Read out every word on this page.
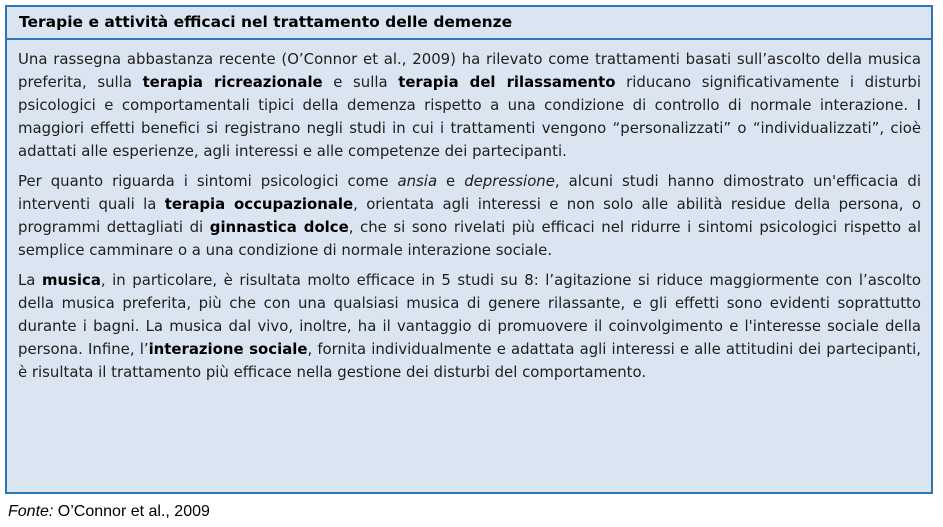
Terapie e attività efficaci nel trattamento delle demenze

Una rassegna abbastanza recente (O’Connor et al., 2009) ha rilevato come trattamenti basati sull’ascolto della musica preferita, sulla terapia ricreazionale e sulla terapia del rilassamento riducano significativamente i disturbi psicologici e comportamentali tipici della demenza rispetto a una condizione di controllo di normale interazione. I maggiori effetti benefici si registrano negli studi in cui i trattamenti vengono “personalizzati” o “individualizzati”, cioè adattati alle esperienze, agli interessi e alle competenze dei partecipanti.

Per quanto riguarda i sintomi psicologici come ansia e depressione, alcuni studi hanno dimostrato un'efficacia di interventi quali la terapia occupazionale, orientata agli interessi e non solo alle abilità residue della persona, o programmi dettagliati di ginnastica dolce, che si sono rivelati più efficaci nel ridurre i sintomi psicologici rispetto al semplice camminare o a una condizione di normale interazione sociale.

La musica, in particolare, è risultata molto efficace in 5 studi su 8: l’agitazione si riduce maggiormente con l’ascolto della musica preferita, più che con una qualsiasi musica di genere rilassante, e gli effetti sono evidenti soprattutto durante i bagni. La musica dal vivo, inoltre, ha il vantaggio di promuovere il coinvolgimento e l'interesse sociale della persona. Infine, l’interazione sociale, fornita individualmente e adattata agli interessi e alle attitudini dei partecipanti, è risultata il trattamento più efficace nella gestione dei disturbi del comportamento.

Fonte: O’Connor et al., 2009
